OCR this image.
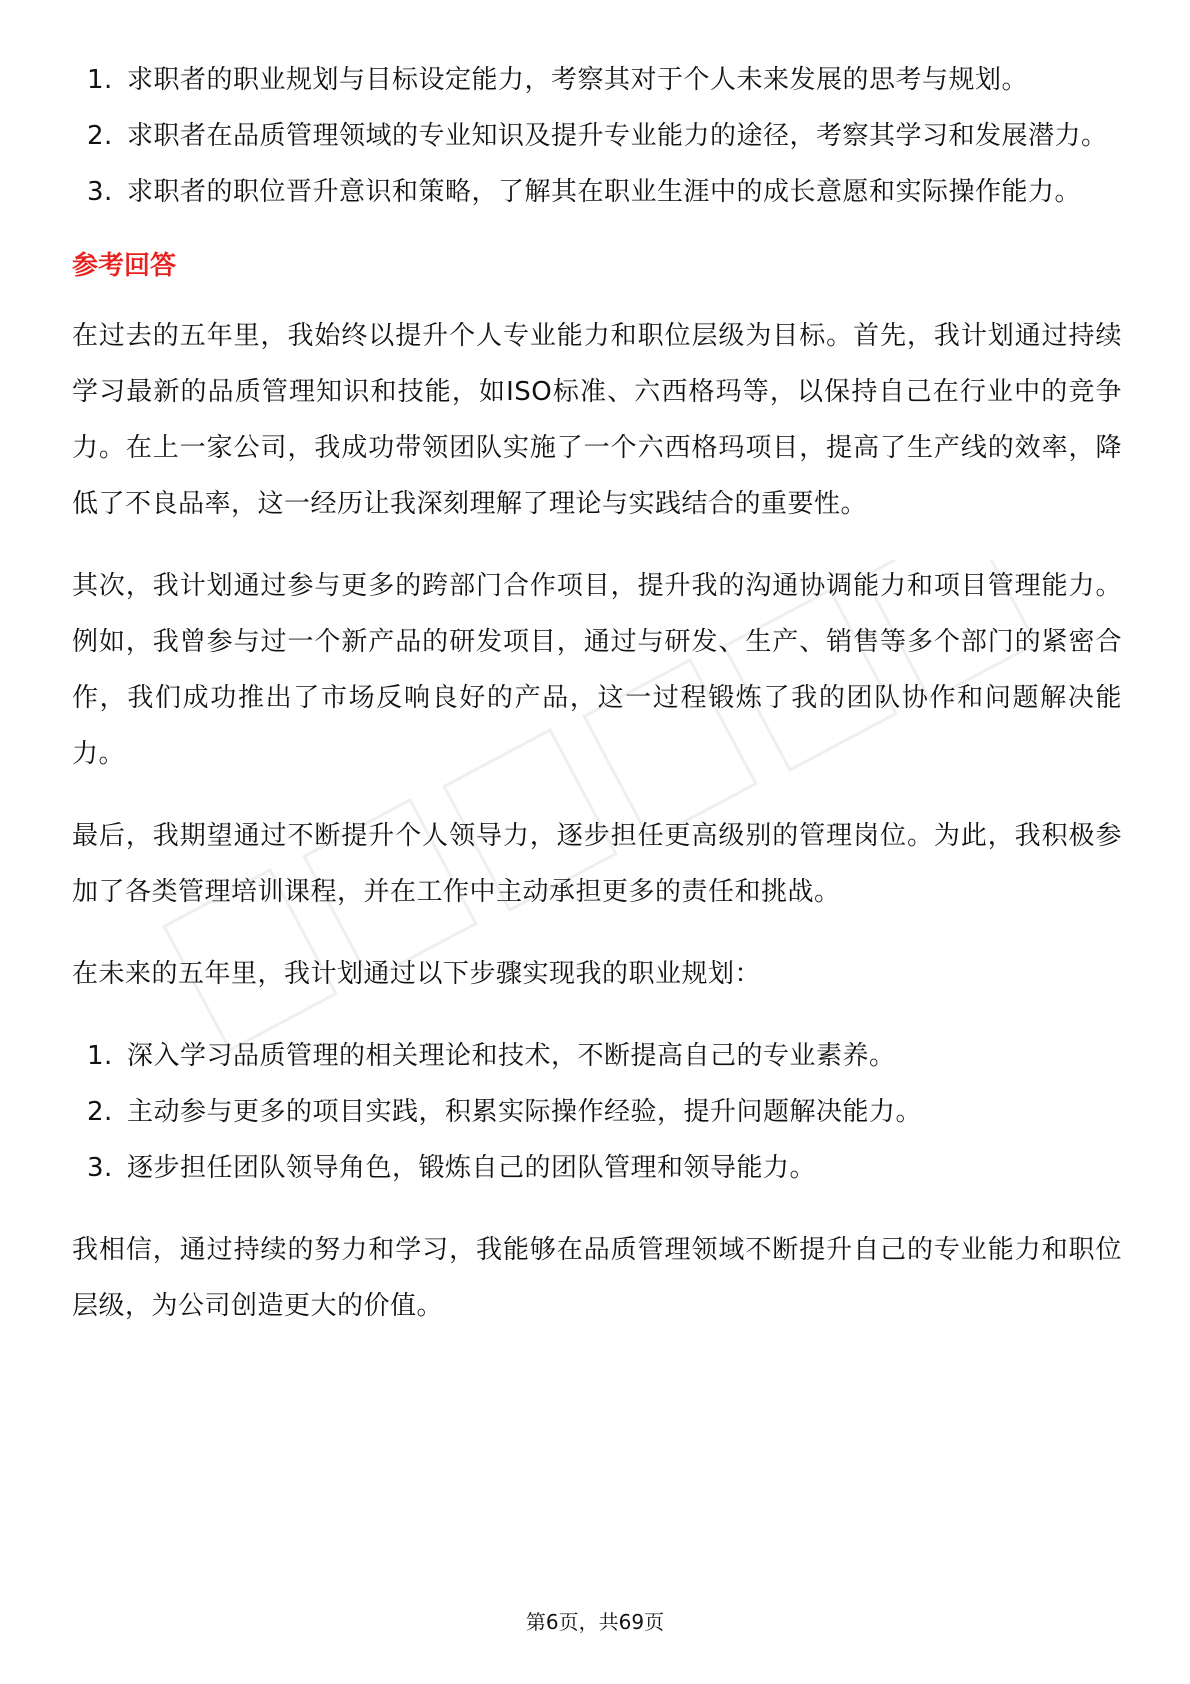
1. 求职者的职业规划与目标设定能力，考察其对于个人未来发展的思考与规划。
2. 求职者在品质管理领域的专业知识及提升专业能力的途径，考察其学习和发展潜力。
3. 求职者的职位晋升意识和策略，了解其在职业生涯中的成长意愿和实际操作能力。
参考回答

在过去的五年里，我始终以提升个人专业能力和职位层级为目标。首先，我计划通过持续学习最新的品质管理知识和技能，如ISO标准、六西格玛等，以保持自己在行业中的竞争力。在上一家公司，我成功带领团队实施了一个六西格玛项目，提高了生产线的效率，降低了不良品率，这一经历让我深刻理解了理论与实践结合的重要性。

其次，我计划通过参与更多的跨部门合作项目，提升我的沟通协调能力和项目管理能力。例如，我曾参与过一个新产品的研发项目，通过与研发、生产、销售等多个部门的紧密合作，我们成功推出了市场反响良好的产品，这一过程锻炼了我的团队协作和问题解决能力。

最后，我期望通过不断提升个人领导力，逐步担任更高级别的管理岗位。为此，我积极参加了各类管理培训课程，并在工作中主动承担更多的责任和挑战。

在未来的五年里，我计划通过以下步骤实现我的职业规划：

1. 深入学习品质管理的相关理论和技术，不断提高自己的专业素养。
2. 主动参与更多的项目实践，积累实际操作经验，提升问题解决能力。
3. 逐步担任团队领导角色，锻炼自己的团队管理和领导能力。

我相信，通过持续的努力和学习，我能够在品质管理领域不断提升自己的专业能力和职位层级，为公司创造更大的价值。

第6页，共69页
